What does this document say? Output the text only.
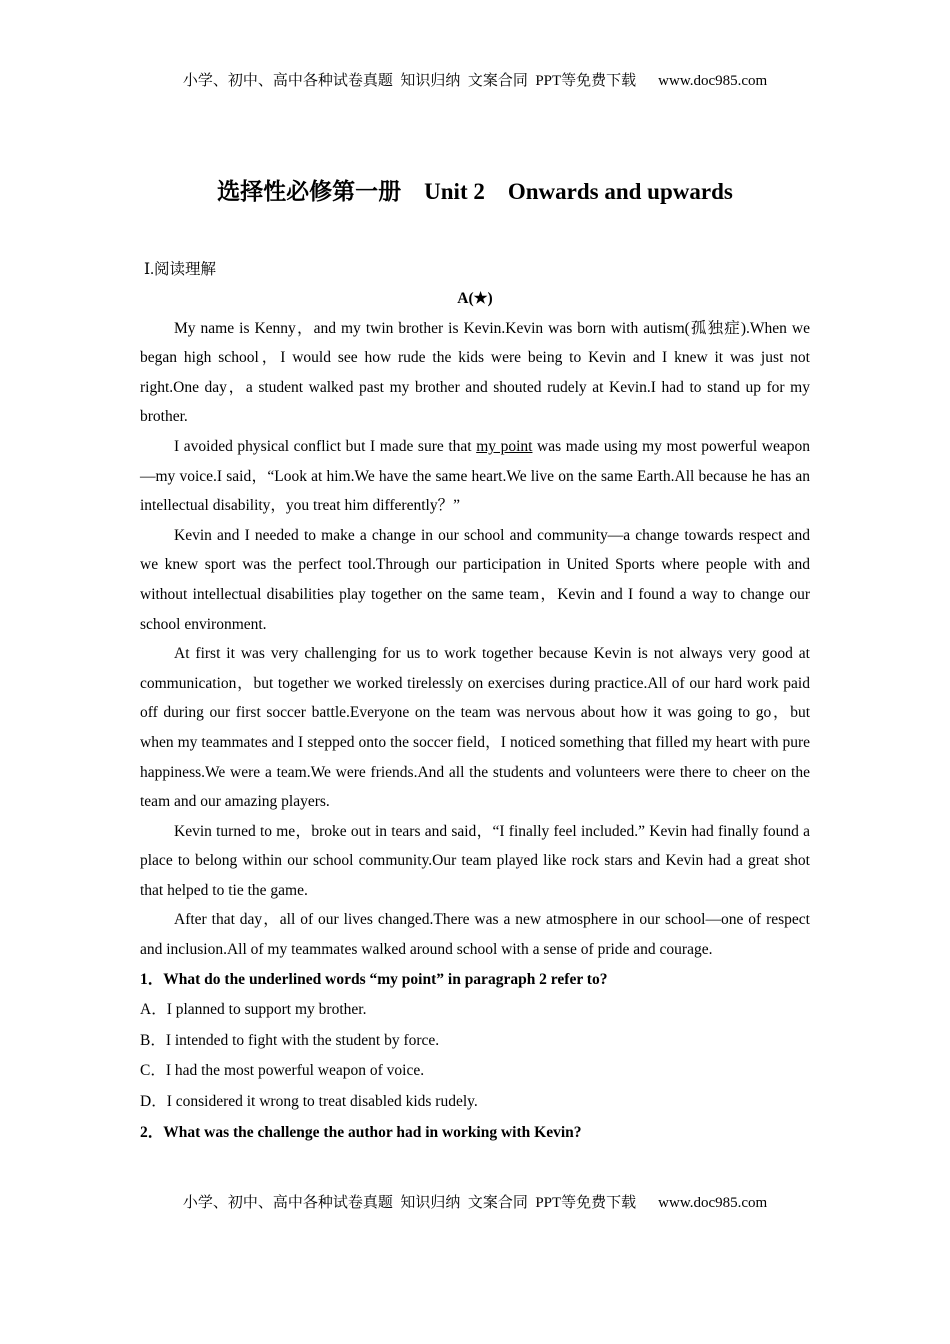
小学、初中、高中各种试卷真题  知识归纳  文案合同  PPT等免费下载 www.doc985.com
选择性必修第一册    Unit 2    Onwards and upwards
Ⅰ.阅读理解

A(★)

My name is Kenny，and my twin brother is Kevin.Kevin was born with autism(孤独症).When we began high school，I would see how rude the kids were being to Kevin and I knew it was just not right.One day，a student walked past my brother and shouted rudely at Kevin.I had to stand up for my brother.

I avoided physical conflict but I made sure that my point was made using my most powerful weapon—my voice.I said，“Look at him.We have the same heart.We live on the same Earth.All because he has an intellectual disability，you treat him differently？”

Kevin and I needed to make a change in our school and community—a change towards respect and we knew sport was the perfect tool.Through our participation in United Sports where people with and without intellectual disabilities play together on the same team，Kevin and I found a way to change our school environment.

At first it was very challenging for us to work together because Kevin is not always very good at communication，but together we worked tirelessly on exercises during practice.All of our hard work paid off during our first soccer battle.Everyone on the team was nervous about how it was going to go，but when my teammates and I stepped onto the soccer field，I noticed something that filled my heart with pure happiness.We were a team.We were friends.And all the students and volunteers were there to cheer on the team and our amazing players.

Kevin turned to me，broke out in tears and said，“I finally feel included.” Kevin had finally found a place to belong within our school community.Our team played like rock stars and Kevin had a great shot that helped to tie the game.

After that day，all of our lives changed.There was a new atmosphere in our school—one of respect and inclusion.All of my teammates walked around school with a sense of pride and courage.

1．What do the underlined words “my point” in paragraph 2 refer to?

A．I planned to support my brother.

B．I intended to fight with the student by force.

C．I had the most powerful weapon of voice.

D．I considered it wrong to treat disabled kids rudely.

2．What was the challenge the author had in working with Kevin?

小学、初中、高中各种试卷真题  知识归纳  文案合同  PPT等免费下载 www.doc985.com
